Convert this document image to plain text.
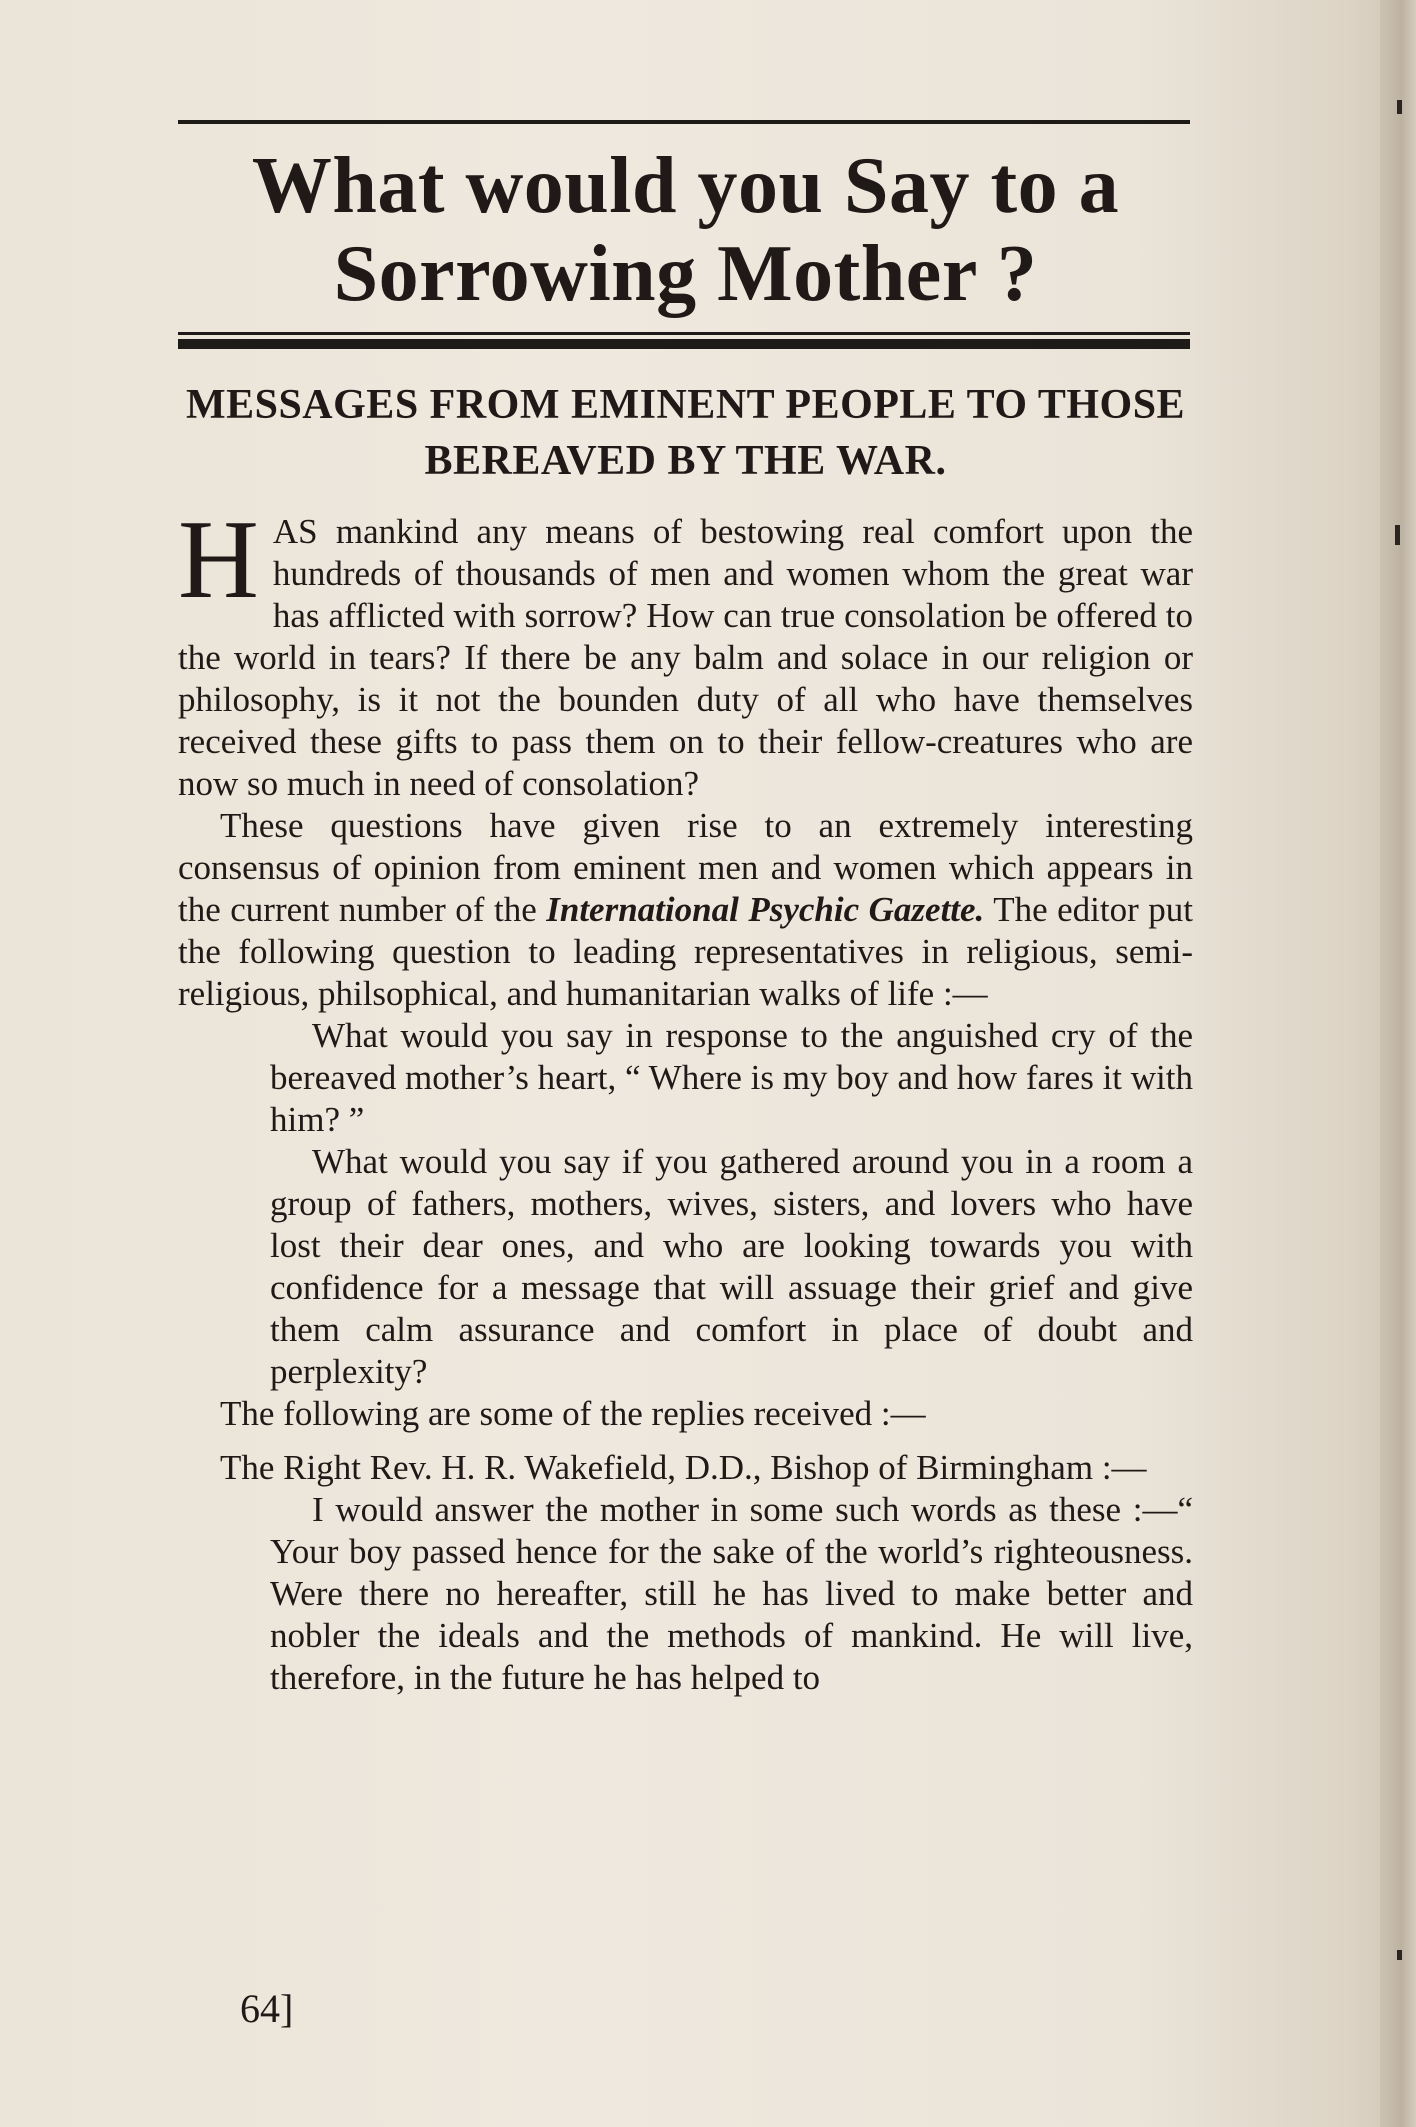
What would you Say to a Sorrowing Mother ?
MESSAGES FROM EMINENT PEOPLE TO THOSE BEREAVED BY THE WAR.

HAS mankind any means of bestowing real comfort upon the hundreds of thousands of men and women whom the great war has afflicted with sorrow? How can true consolation be offered to the world in tears? If there be any balm and solace in our religion or philosophy, is it not the bounden duty of all who have themselves received these gifts to pass them on to their fellow-creatures who are now so much in need of consolation?

These questions have given rise to an extremely interesting consensus of opinion from eminent men and women which appears in the current number of the International Psychic Gazette. The editor put the following question to leading representatives in religious, semi-religious, philsophical, and humanitarian walks of life :—

What would you say in response to the anguished cry of the bereaved mother’s heart, “ Where is my boy and how fares it with him? ”

What would you say if you gathered around you in a room a group of fathers, mothers, wives, sisters, and lovers who have lost their dear ones, and who are looking towards you with confidence for a message that will assuage their grief and give them calm assurance and comfort in place of doubt and perplexity?

The following are some of the replies received :—

The Right Rev. H. R. Wakefield, D.D., Bishop of Birmingham :—

I would answer the mother in some such words as these :—“ Your boy passed hence for the sake of the world’s righteousness. Were there no hereafter, still he has lived to make better and nobler the ideals and the methods of mankind. He will live, therefore, in the future he has helped to

64]
